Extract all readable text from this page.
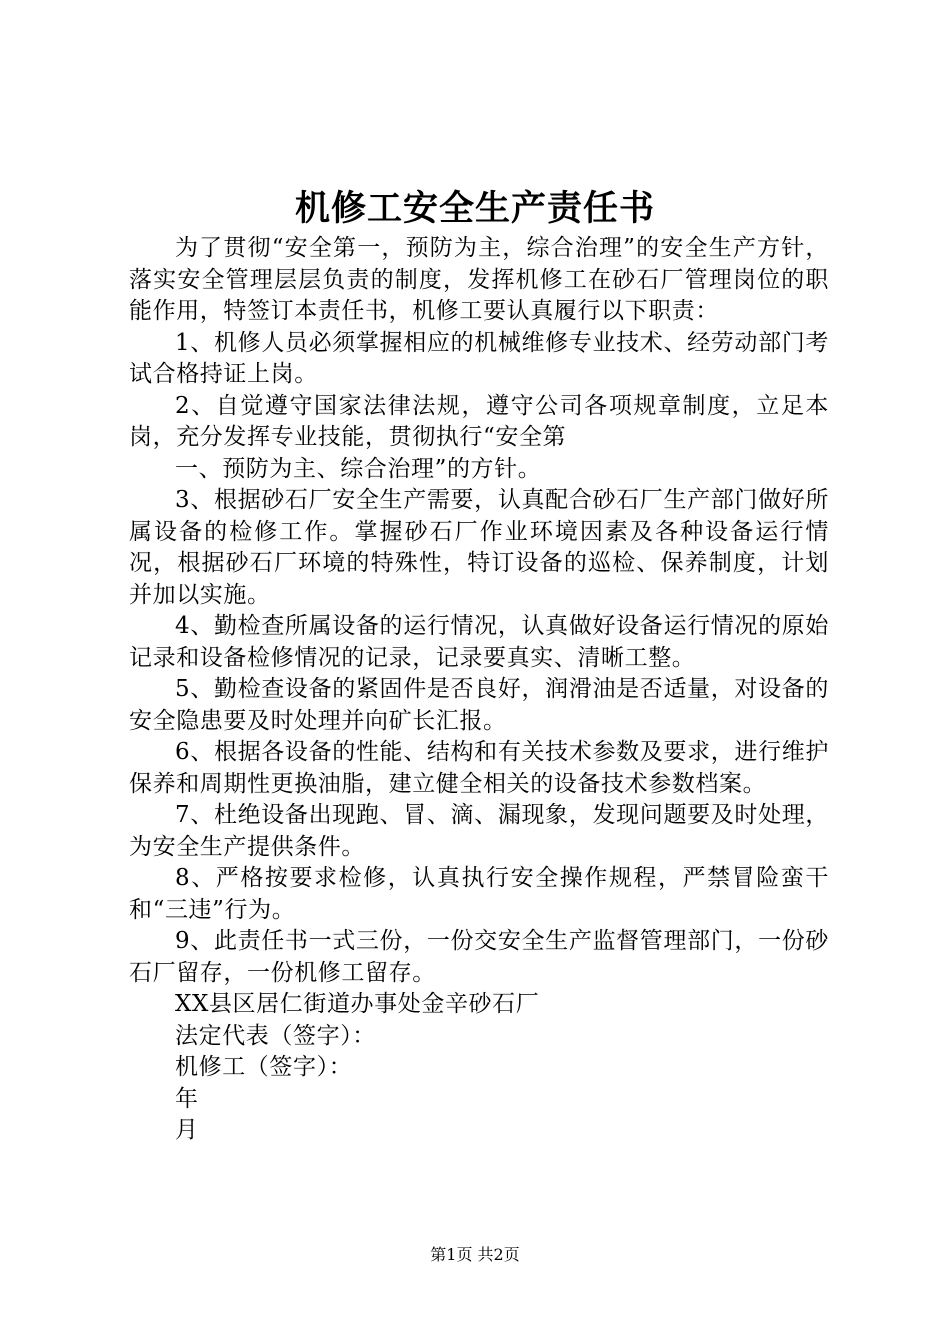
机修工安全生产责任书

为了贯彻“安全第一，预防为主，综合治理”的安全生产方针，落实安全管理层层负责的制度，发挥机修工在砂石厂管理岗位的职能作用，特签订本责任书，机修工要认真履行以下职责：

1、机修人员必须掌握相应的机械维修专业技术、经劳动部门考试合格持证上岗。

2、自觉遵守国家法律法规，遵守公司各项规章制度，立足本岗，充分发挥专业技能，贯彻执行“安全第

一、预防为主、综合治理”的方针。

3、根据砂石厂安全生产需要，认真配合砂石厂生产部门做好所属设备的检修工作。掌握砂石厂作业环境因素及各种设备运行情况，根据砂石厂环境的特殊性，特订设备的巡检、保养制度，计划并加以实施。

4、勤检查所属设备的运行情况，认真做好设备运行情况的原始记录和设备检修情况的记录，记录要真实、清晰工整。

5、勤检查设备的紧固件是否良好，润滑油是否适量，对设备的安全隐患要及时处理并向矿长汇报。

6、根据各设备的性能、结构和有关技术参数及要求，进行维护保养和周期性更换油脂，建立健全相关的设备技术参数档案。

7、杜绝设备出现跑、冒、滴、漏现象，发现问题要及时处理，为安全生产提供条件。

8、严格按要求检修，认真执行安全操作规程，严禁冒险蛮干和“三违”行为。

9、此责任书一式三份，一份交安全生产监督管理部门，一份砂石厂留存，一份机修工留存。

XX县区居仁街道办事处金辛砂石厂

法定代表（签字）：

机修工（签字）：

年

月

第1页 共2页
